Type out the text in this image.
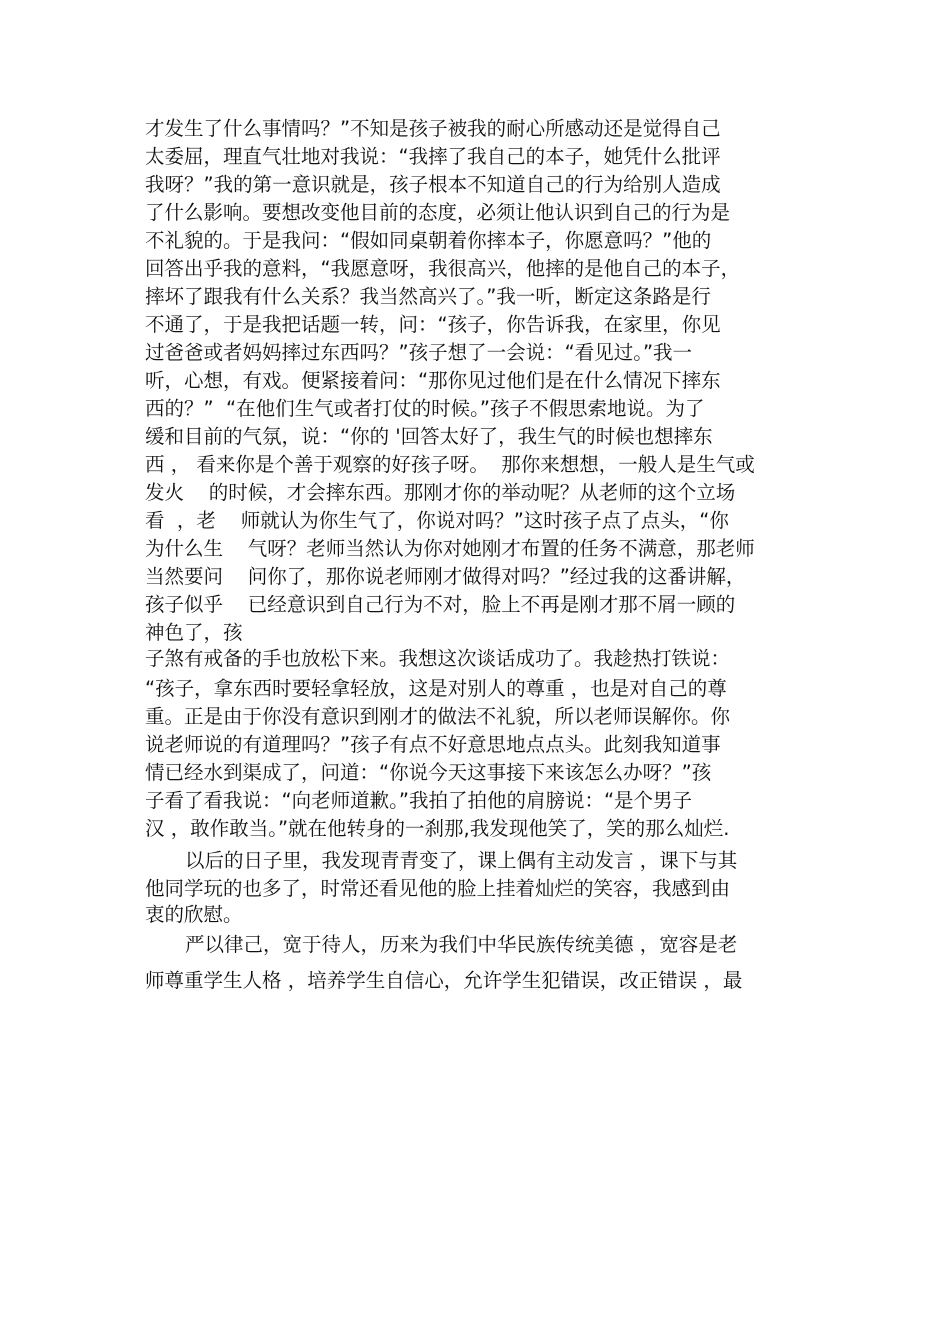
才发生了什么事情吗？”不知是孩子被我的耐心所感动还是觉得自己
太委屈，理直气壮地对我说：“我摔了我自己的本子，她凭什么批评
我呀？”我的第一意识就是，孩子根本不知道自己的行为给别人造成
了什么影响。要想改变他目前的态度，必须让他认识到自己的行为是
不礼貌的。于是我问：“假如同桌朝着你摔本子，你愿意吗？”他的
回答出乎我的意料，“我愿意呀，我很高兴，他摔的是他自己的本子，
摔坏了跟我有什么关系？我当然高兴了。”我一听，断定这条路是行
不通了，于是我把话题一转，问：“孩子，你告诉我，在家里，你见
过爸爸或者妈妈摔过东西吗？”孩子想了一会说：“看见过。”我一
听，心想，有戏。便紧接着问：“那你见过他们是在什么情况下摔东
西的？”  “在他们生气或者打仗的时候。”孩子不假思索地说。为了
缓和目前的气氛，说：“你的 '回答太好了，我生气的时候也想摔东
西 ， 看来你是个善于观察的好孩子呀。  那你来想想，一般人是生气或
发火    的时候，才会摔东西。那刚才你的举动呢？从老师的这个立场
看  ，老    师就认为你生气了，你说对吗？”这时孩子点了点头，“你
为什么生    气呀？老师当然认为你对她刚才布置的任务不满意，那老师
当然要问    问你了，那你说老师刚才做得对吗？”经过我的这番讲解，
孩子似乎    已经意识到自己行为不对，脸上不再是刚才那不屑一顾的
神色了，孩
子煞有戒备的手也放松下来。我想这次谈话成功了。我趁热打铁说：
“孩子，拿东西时要轻拿轻放，这是对别人的尊重 ，也是对自己的尊
重。正是由于你没有意识到刚才的做法不礼貌，所以老师误解你。你
说老师说的有道理吗？”孩子有点不好意思地点点头。此刻我知道事
情已经水到渠成了，问道：“你说今天这事接下来该怎么办呀？”孩
子看了看我说：“向老师道歉。”我拍了拍他的肩膀说：“是个男子
汉 ，敢作敢当。”就在他转身的一刹那,我发现他笑了，笑的那么灿烂.
以后的日子里，我发现青青变了，课上偶有主动发言 ，课下与其
他同学玩的也多了，时常还看见他的脸上挂着灿烂的笑容，我感到由
衷的欣慰。
严以律己，宽于待人，历来为我们中华民族传统美德 ，宽容是老
师尊重学生人格 ，培养学生自信心，允许学生犯错误，改正错误 ，最
